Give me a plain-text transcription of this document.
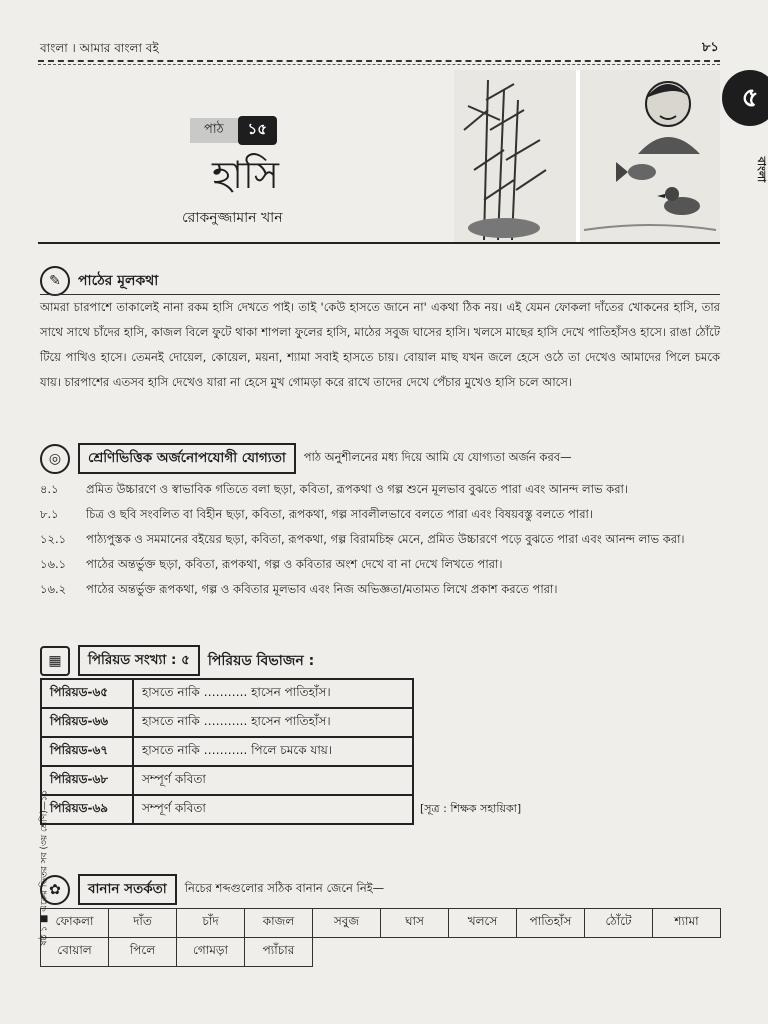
বাংলা । আমার বাংলা বই	৮১
৫
বাংলা
পাঠ	১৫
হাসি
রোকনুজ্জামান খান
✎	পাঠের মূলকথা
আমরা চারপাশে তাকালেই নানা রকম হাসি দেখতে পাই। তাই 'কেউ হাসতে জানে না' একথা ঠিক নয়। এই যেমন ফোকলা দাঁতের খোকনের হাসি, তার সাথে সাথে চাঁদের হাসি, কাজল বিলে ফুটে থাকা শাপলা ফুলের হাসি, মাঠের সবুজ ঘাসের হাসি। খলসে মাছের হাসি দেখে পাতিহাঁসও হাসে। রাঙা ঠোঁটে টিয়ে পাখিও হাসে। তেমনই দোয়েল, কোয়েল, ময়না, শ্যামা সবাই হাসতে চায়। বোয়াল মাছ যখন জলে হেসে ওঠে তা দেখেও আমাদের পিলে চমকে যায়। চারপাশের এতসব হাসি দেখেও যারা না হেসে মুখ গোমড়া করে রাখে তাদের দেখে পেঁচার মুখেও হাসি চলে আসে।
◎	শ্রেণিভিত্তিক অর্জনোপযোগী যোগ্যতা	পাঠ অনুশীলনের মধ্য দিয়ে আমি যে যোগ্যতা অর্জন করব—
৪.১	প্রমিত উচ্চারণে ও স্বাভাবিক গতিতে বলা ছড়া, কবিতা, রূপকথা ও গল্প শুনে মূলভাব বুঝতে পারা এবং আনন্দ লাভ করা।
৮.১	চিত্র ও ছবি সংবলিত বা বিহীন ছড়া, কবিতা, রূপকথা, গল্প সাবলীলভাবে বলতে পারা এবং বিষয়বস্তু বলতে পারা।
১২.১	পাঠ্যপুস্তক ও সমমানের বইয়ের ছড়া, কবিতা, রূপকথা, গল্প বিরামচিহ্ন মেনে, প্রমিত উচ্চারণে পড়ে বুঝতে পারা এবং আনন্দ লাভ করা।
১৬.১	পাঠের অন্তর্ভুক্ত ছড়া, কবিতা, রূপকথা, গল্প ও কবিতার অংশ দেখে বা না দেখে লিখতে পারা।
১৬.২	পাঠের অন্তর্ভুক্ত রূপকথা, গল্প ও কবিতার মূলভাব এবং নিজ অভিজ্ঞতা/মতামত লিখে প্রকাশ করতে পারা।
▦	পিরিয়ড সংখ্যা : ৫	পিরিয়ড বিভাজন :
পিরিয়ড-৬৫	হাসতে নাকি ……….. হাসেন পাতিহাঁস।
পিরিয়ড-৬৬	হাসতে নাকি ……….. হাসেন পাতিহাঁস।
পিরিয়ড-৬৭	হাসতে নাকি ……….. পিলে চমকে যায়।
পিরিয়ড-৬৮	সম্পূর্ণ কবিতা
পিরিয়ড-৬৯	সম্পূর্ণ কবিতা	[সূত্র : শিক্ষক সহায়িকা]
✿	বানান সতর্কতা	নিচের শব্দগুলোর সঠিক বানান জেনে নিই—
ফোকলা	দাঁত	চাঁদ	কাজল	সবুজ	ঘাস	খলসে	পাতিহাঁস	ঠোঁটে	শ্যামা
বোয়াল	পিলে	গোমড়া	প্যাঁচার						
ষষ্ঠ ১ ■ একের ভিতর সব (৩য় শ্রেণি)—১১
